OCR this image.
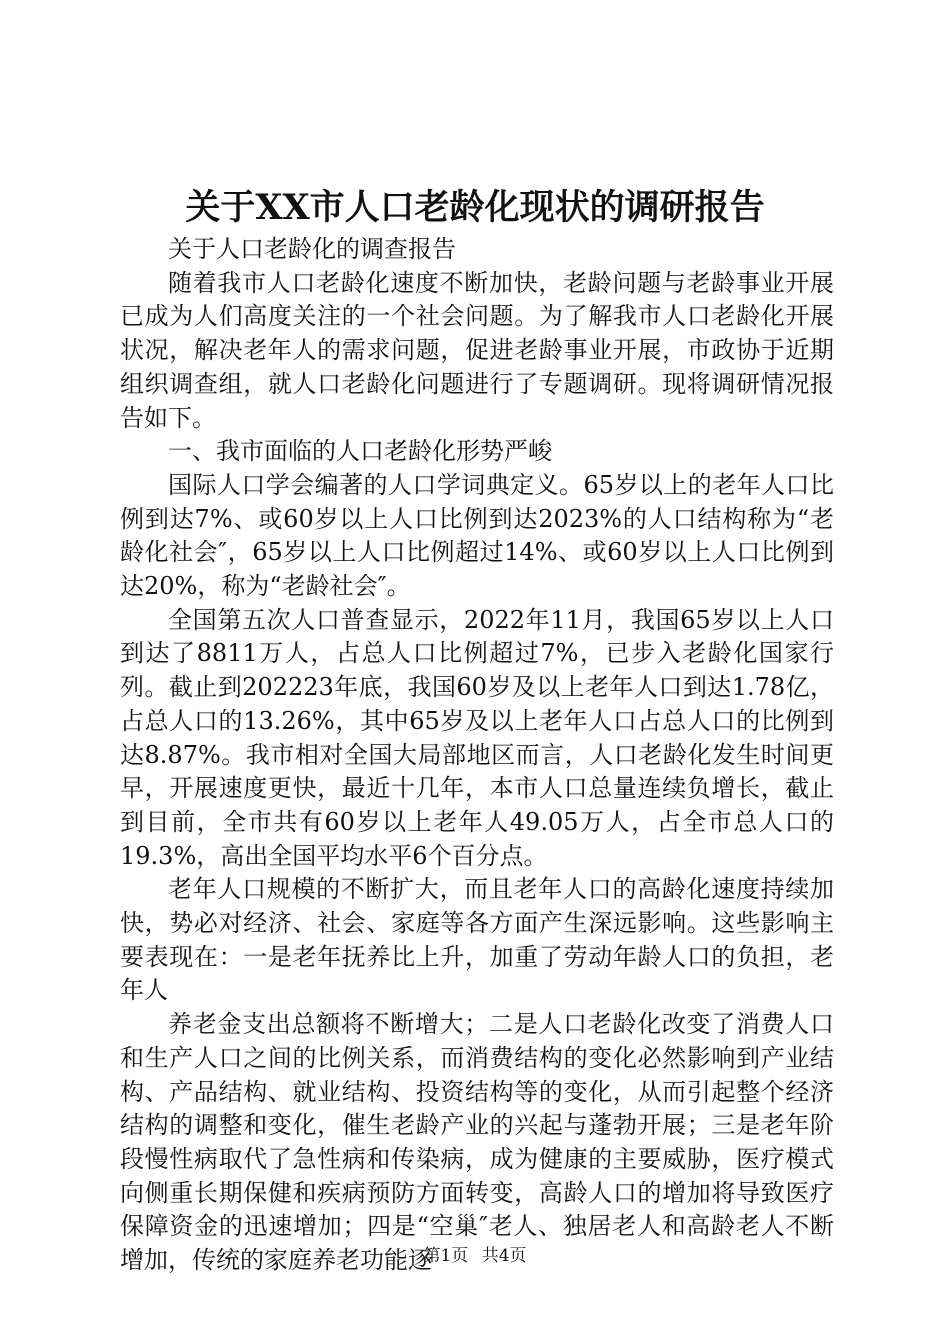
关于XX市人口老龄化现状的调研报告

关于人口老龄化的调查报告

随着我市人口老龄化速度不断加快，老龄问题与老龄事业开展已成为人们高度关注的一个社会问题。为了解我市人口老龄化开展状况，解决老年人的需求问题，促进老龄事业开展，市政协于近期组织调查组，就人口老龄化问题进行了专题调研。现将调研情况报告如下。

一、我市面临的人口老龄化形势严峻

国际人口学会编著的人口学词典定义。65岁以上的老年人口比例到达7%、或60岁以上人口比例到达2023%的人口结构称为“老龄化社会″，65岁以上人口比例超过14%、或60岁以上人口比例到达20%，称为“老龄社会″。

全国第五次人口普查显示，2022年11月，我国65岁以上人口到达了8811万人，占总人口比例超过7%，已步入老龄化国家行列。截止到202223年底，我国60岁及以上老年人口到达1.78亿，占总人口的13.26%，其中65岁及以上老年人口占总人口的比例到达8.87%。我市相对全国大局部地区而言，人口老龄化发生时间更早，开展速度更快，最近十几年，本市人口总量连续负增长，截止到目前，全市共有60岁以上老年人49.05万人，占全市总人口的19.3%，高出全国平均水平6个百分点。

老年人口规模的不断扩大，而且老年人口的高龄化速度持续加快，势必对经济、社会、家庭等各方面产生深远影响。这些影响主要表现在：一是老年抚养比上升，加重了劳动年龄人口的负担，老年人

养老金支出总额将不断增大；二是人口老龄化改变了消费人口和生产人口之间的比例关系，而消费结构的变化必然影响到产业结构、产品结构、就业结构、投资结构等的变化，从而引起整个经济结构的调整和变化，催生老龄产业的兴起与蓬勃开展；三是老年阶段慢性病取代了急性病和传染病，成为健康的主要威胁，医疗模式向侧重长期保健和疾病预防方面转变，高龄人口的增加将导致医疗保障资金的迅速增加；四是“空巢″老人、独居老人和高龄老人不断增加，传统的家庭养老功能逐

第1页 共4页
